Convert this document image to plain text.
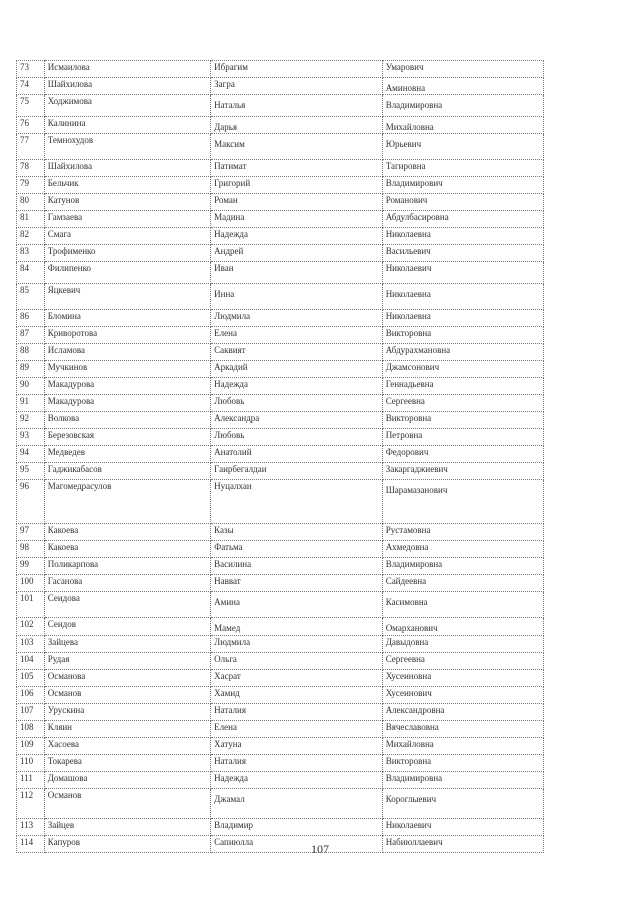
73	Исмаилова	Ибрагим	Умарович
74	Шайхилова	Загра	Аминовна

75	Ходжимова	Наталья	Владимировна

76	Калинина	Дарья	Михайловна

77	Темнохудов	Максим	Юрьевич

78	Шайхилова	Патимат	Тагировна
79	Бельчик	Григорий	Владимирович
80	Катунов	Роман	Романович
81	Гамзаева	Мадина	Абдулбасировна
82	Смага	Надежда	Николаевна
83	Трофименко	Андрей	Васильевич
84	Филипенко	Иван	Николаевич
85	Яцкевич	Инна	Николаевна

86	Бломина	Людмила	Николаевна
87	Криворотова	Елена	Викторовна
88	Исламова	Саквият	Абдурахмановна
89	Мучкинов	Аркадий	Джамсонович
90	Макадурова	Надежда	Геннадьевна
91	Макадурова	Любовь	Сергеевна
92	Волкова	Александра	Викторовна
93	Березовская	Любовь	Петровна
94	Медведев	Анатолий	Федорович
95	Гаджикабасов	Гаирбегалдаи	Закаргаджиевич
96	Магомедрасулов	Нуцалхан	Шарамазанович

97	Какоева	Казы	Рустамовна
98	Какоева	Фатьма	Ахмедовна
99	Поликарпова	Василина	Владимировна
100	Гасанова	Навват	Сайдеевна
101	Сеидова	Амина	Касимовна

102	Сеидов	Мамед	Омарханович

103	Зайцева	Людмила	Давыдовна
104	Рудая	Ольга	Сергеевна
105	Османова	Хасрат	Хусеиновна
106	Османов	Хамид	Хусеинович
107	Урускина	Наталия	Александровна
108	Кляин	Елена	Вячеславовна
109	Хасоева	Хатуна	Михайловна
110	Токарева	Наталия	Викторовна
111	Домашова	Надежда	Владимировна
112	Османов	Джамал	Короглыевич

113	Зайцев	Владимир	Николаевич
114	Капуров	Сапиюлла	Набиюллаевич
107
